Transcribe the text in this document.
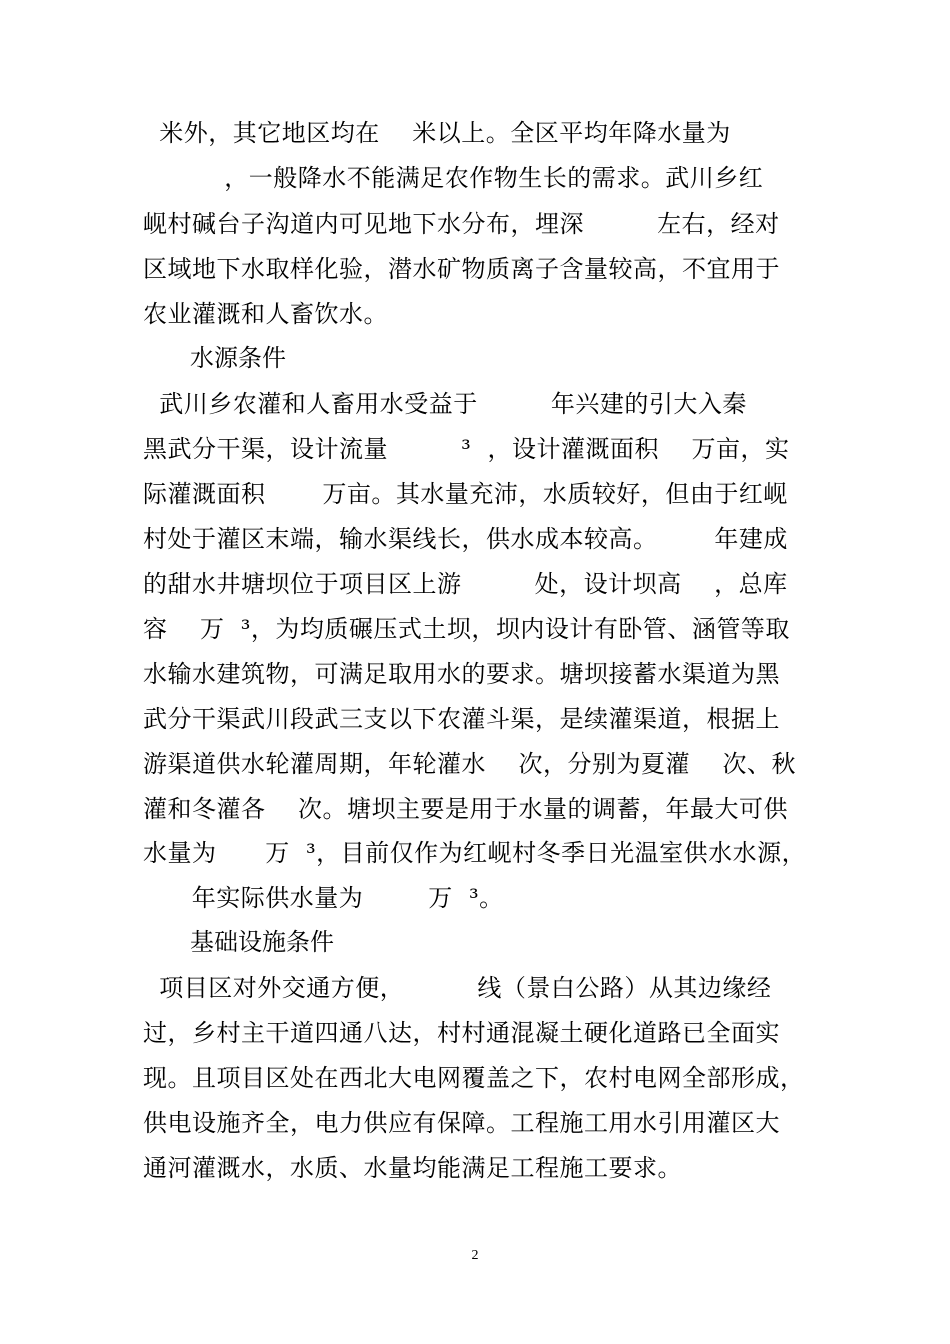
米外，其它地区均在    米以上。全区平均年降水量为
，一般降水不能满足农作物生长的需求。武川乡红
岘村碱台子沟道内可见地下水分布，埋深         左右，经对
区域地下水取样化验，潜水矿物质离子含量较高，不宜用于
农业灌溉和人畜饮水。
水源条件
武川乡农灌和人畜用水受益于         年兴建的引大入秦
黑武分干渠，设计流量         ³  ，设计灌溉面积    万亩，实
际灌溉面积       万亩。其水量充沛，水质较好，但由于红岘
村处于灌区末端，输水渠线长，供水成本较高。       年建成
的甜水井塘坝位于项目区上游         处，设计坝高    ，总库
容    万  ³，为均质碾压式土坝，坝内设计有卧管、涵管等取
水输水建筑物，可满足取用水的要求。塘坝接蓄水渠道为黑
武分干渠武川段武三支以下农灌斗渠，是续灌渠道，根据上
游渠道供水轮灌周期，年轮灌水    次，分别为夏灌    次、秋
灌和冬灌各    次。塘坝主要是用于水量的调蓄，年最大可供
水量为      万  ³，目前仅作为红岘村冬季日光温室供水水源，
年实际供水量为        万  ³。
基础设施条件
项目区对外交通方便，         线（景白公路）从其边缘经
过，乡村主干道四通八达，村村通混凝土硬化道路已全面实
现。且项目区处在西北大电网覆盖之下，农村电网全部形成，
供电设施齐全，电力供应有保障。工程施工用水引用灌区大
通河灌溉水，水质、水量均能满足工程施工要求。
2
